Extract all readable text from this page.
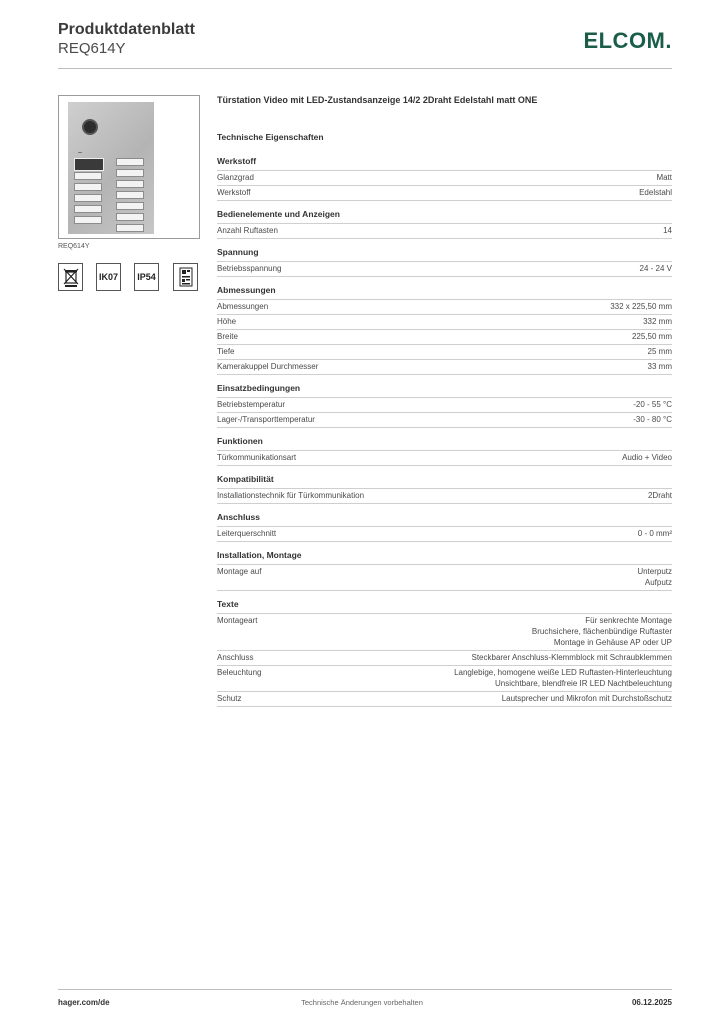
Produktdatenblatt
REQ614Y	ELCOM.
REQ614Y
IK07	IP54
Türstation Video mit LED-Zustandsanzeige 14/2 2Draht Edelstahl matt ONE
Technische Eigenschaften
Werkstoff
Glanzgrad	Matt
Werkstoff	Edelstahl
Bedienelemente und Anzeigen
Anzahl Ruftasten	14
Spannung
Betriebsspannung	24 - 24 V
Abmessungen
Abmessungen	332 x 225,50 mm
Höhe	332 mm
Breite	225,50 mm
Tiefe	25 mm
Kamerakuppel Durchmesser	33 mm
Einsatzbedingungen
Betriebstemperatur	-20 - 55 °C
Lager-/Transporttemperatur	-30 - 80 °C
Funktionen
Türkommunikationsart	Audio + Video
Kompatibilität
Installationstechnik für Türkommunikation	2Draht
Anschluss
Leiterquerschnitt	0 - 0 mm²
Installation, Montage
Montage auf	Unterputz
Aufputz
Texte
Montageart	Für senkrechte Montage
Bruchsichere, flächenbündige Ruftaster
Montage in Gehäuse AP oder UP
Anschluss	Steckbarer Anschluss-Klemmblock mit Schraubklemmen
Beleuchtung	Langlebige, homogene weiße LED Ruftasten-Hinterleuchtung
Unsichtbare, blendfreie IR LED Nachtbeleuchtung
Schutz	Lautsprecher und Mikrofon mit Durchstoßschutz
hager.com/de	Technische Änderungen vorbehalten	06.12.2025
